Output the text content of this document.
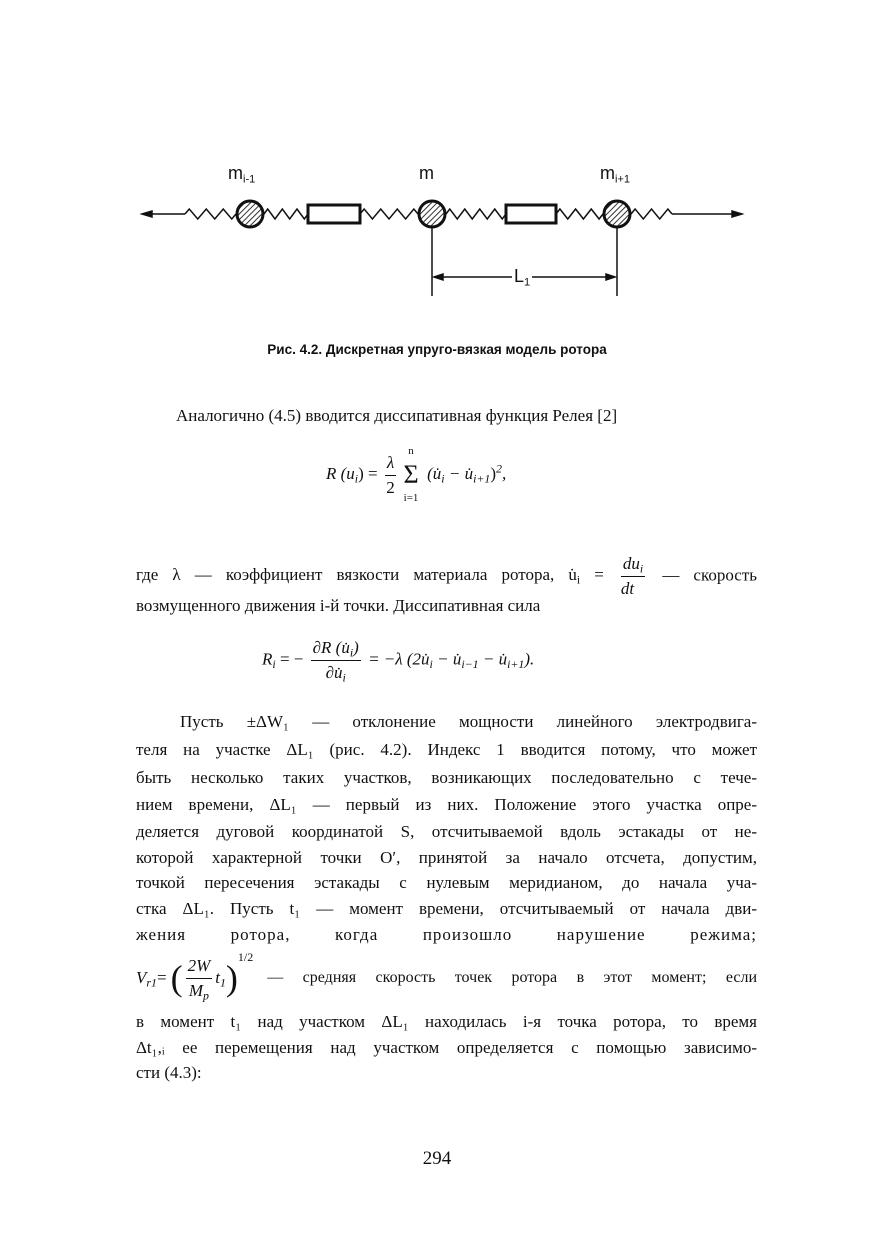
$m_{i-1}$	m	$m_{i+1}$
$L_1$
Рис. 4.2. Дискретная упруго-вязкая модель ротора
Аналогично (4.5) вводится диссипативная функция Релея [2]
R $(u_i) = \frac{\lambda}{2}$
	n
Σ
i=1
($u̇_i$ − $u̇_{i+1})^2$,
где λ — коэффициент вязкости материала ротора, $u̇_i = \frac{du_i}{dt}$ — скорость
возмущенного движения i-й точки. Диссипативная сила
$R_i$ = − $\frac{\partial R (u̇_i)}{\partial u̇_i} = -\lambda$ ($2u̇_i$ − $u̇_{i-1}$ − $u̇_{i+1}$).
Пусть ±ΔW₁ — отклонение мощности линейного электродвига-
теля на участке ΔL₁ (рис. 4.2). Индекс 1 вводится потому, что может
быть несколько таких участков, возникающих последовательно с тече-
нием времени, ΔL₁ — первый из них. Положение этого участка опре-
деляется дуговой координатой S, отсчитываемой вдоль эстакады от не-
которой характерной точки O′, принятой за начало отсчета, допустим,
точкой пересечения эстакады с нулевым меридианом, до начала уча-
стка ΔL₁. Пусть t₁ — момент времени, отсчитываемый от начала дви-
жения ротора, когда произошло нарушение режима;
$V_{r1}$ = ( $\frac{2W}{M_p} t_1$ )
1/2
— средняя скорость точек ротора в этот момент; если
в момент t₁ над участком ΔL₁ находилась i-я точка ротора, то время
Δt₁,ᵢ ее перемещения над участком определяется с помощью зависимо-
сти (4.3):
294
